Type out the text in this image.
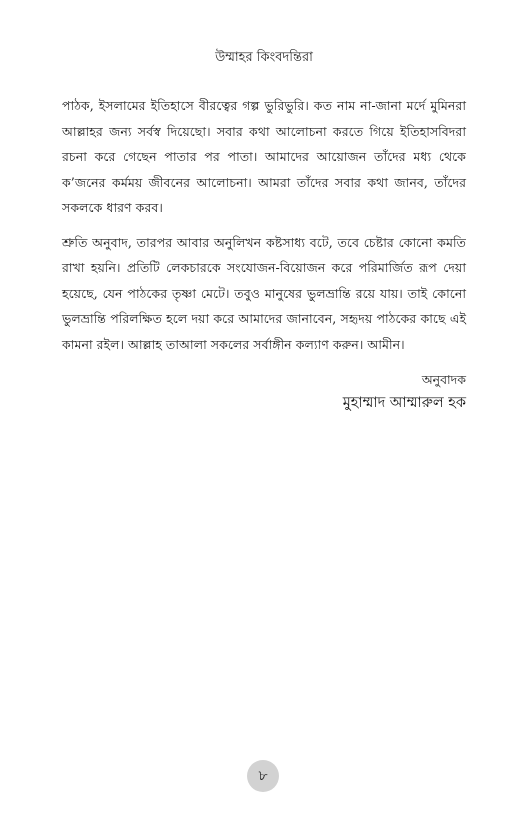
উম্মাহর কিংবদন্তিরা

পাঠক, ইসলামের ইতিহাসে বীরত্বের গল্প ভুরিভুরি। কত নাম না-জানা মর্দে মুমিনরা আল্লাহর জন্য সর্বস্ব দিয়েছো। সবার কথা আলোচনা করতে গিয়ে ইতিহাসবিদরা রচনা করে গেছেন পাতার পর পাতা। আমাদের আয়োজন তাঁদের মধ্য থেকে ক’জনের কর্মময় জীবনের আলোচনা। আমরা তাঁদের সবার কথা জানব, তাঁদের সকলকে ধারণ করব।

শ্রুতি অনুবাদ, তারপর আবার অনুলিখন কষ্টসাধ্য বটে, তবে চেষ্টার কোনো কমতি রাখা হয়নি। প্রতিটি লেকচারকে সংযোজন-বিয়োজন করে পরিমার্জিত রূপ দেয়া হয়েছে, যেন পাঠকের তৃষ্ণা মেটে। তবুও মানুষের ভুলভ্রান্তি রয়ে যায়। তাই কোনো ভুলভ্রান্তি পরিলক্ষিত হলে দয়া করে আমাদের জানাবেন, সহৃদয় পাঠকের কাছে এই কামনা রইল। আল্লাহ তাআলা সকলের সর্বাঙ্গীন কল্যাণ করুন। আমীন।

অনুবাদক
মুহাম্মাদ আম্মারুল হক
৮
